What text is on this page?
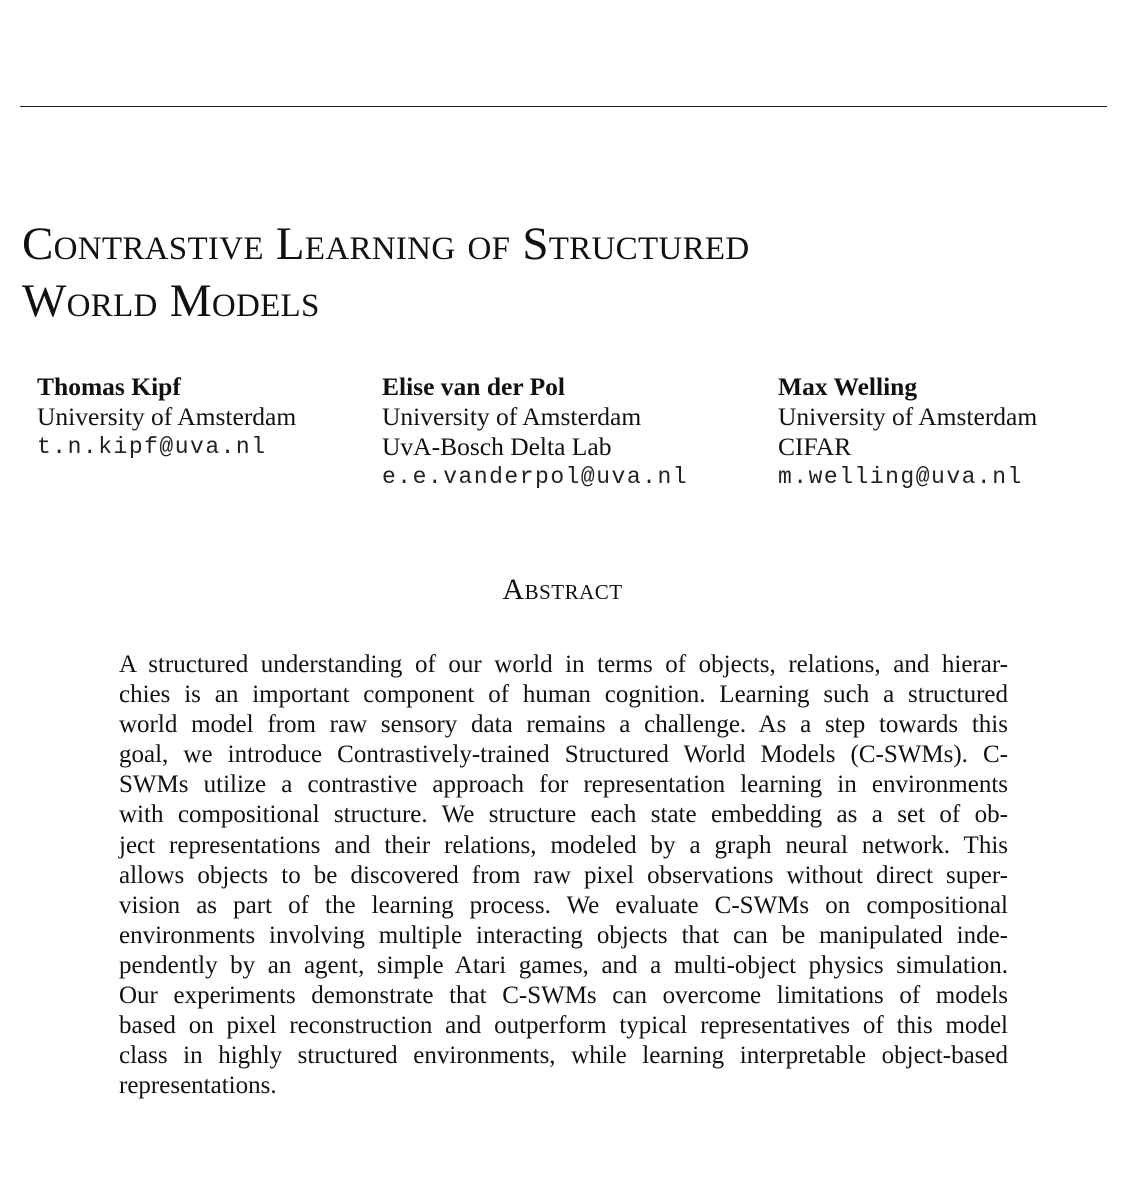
Contrastive Learning of Structured
World Models
Thomas Kipf
University of Amsterdam
t.n.kipf@uva.nl
Elise van der Pol
University of Amsterdam
UvA-Bosch Delta Lab
e.e.vanderpol@uva.nl
Max Welling
University of Amsterdam
CIFAR
m.welling@uva.nl
Abstract
A structured understanding of our world in terms of objects, relations, and hierar-
chies is an important component of human cognition. Learning such a structured
world model from raw sensory data remains a challenge. As a step towards this
goal, we introduce Contrastively-trained Structured World Models (C-SWMs). C-
SWMs utilize a contrastive approach for representation learning in environments
with compositional structure. We structure each state embedding as a set of ob-
ject representations and their relations, modeled by a graph neural network. This
allows objects to be discovered from raw pixel observations without direct super-
vision as part of the learning process. We evaluate C-SWMs on compositional
environments involving multiple interacting objects that can be manipulated inde-
pendently by an agent, simple Atari games, and a multi-object physics simulation.
Our experiments demonstrate that C-SWMs can overcome limitations of models
based on pixel reconstruction and outperform typical representatives of this model
class in highly structured environments, while learning interpretable object-based
representations.
